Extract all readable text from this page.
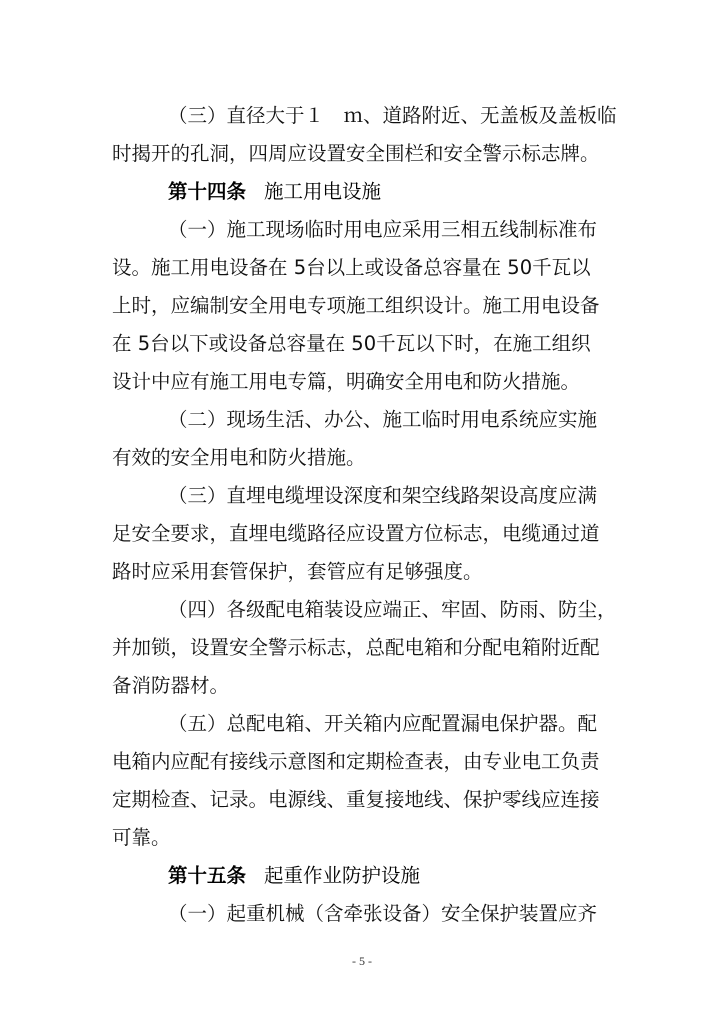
（三）直径大于１　ｍ、道路附近、无盖板及盖板临
时揭开的孔洞，四周应设置安全围栏和安全警示标志牌。
第十四条 施工用电设施
（一）施工现场临时用电应采用三相五线制标准布
设。施工用电设备在 5台以上或设备总容量在 50千瓦以
上时，应编制安全用电专项施工组织设计。施工用电设备
在 5台以下或设备总容量在 50千瓦以下时，在施工组织
设计中应有施工用电专篇，明确安全用电和防火措施。
（二）现场生活、办公、施工临时用电系统应实施
有效的安全用电和防火措施。
（三）直埋电缆埋设深度和架空线路架设高度应满
足安全要求，直埋电缆路径应设置方位标志，电缆通过道
路时应采用套管保护，套管应有足够强度。
（四）各级配电箱装设应端正、牢固、防雨、防尘，
并加锁，设置安全警示标志，总配电箱和分配电箱附近配
备消防器材。
（五）总配电箱、开关箱内应配置漏电保护器。配
电箱内应配有接线示意图和定期检查表，由专业电工负责
定期检查、记录。电源线、重复接地线、保护零线应连接
可靠。
第十五条 起重作业防护设施
（一）起重机械（含牵张设备）安全保护装置应齐
- 5 -
